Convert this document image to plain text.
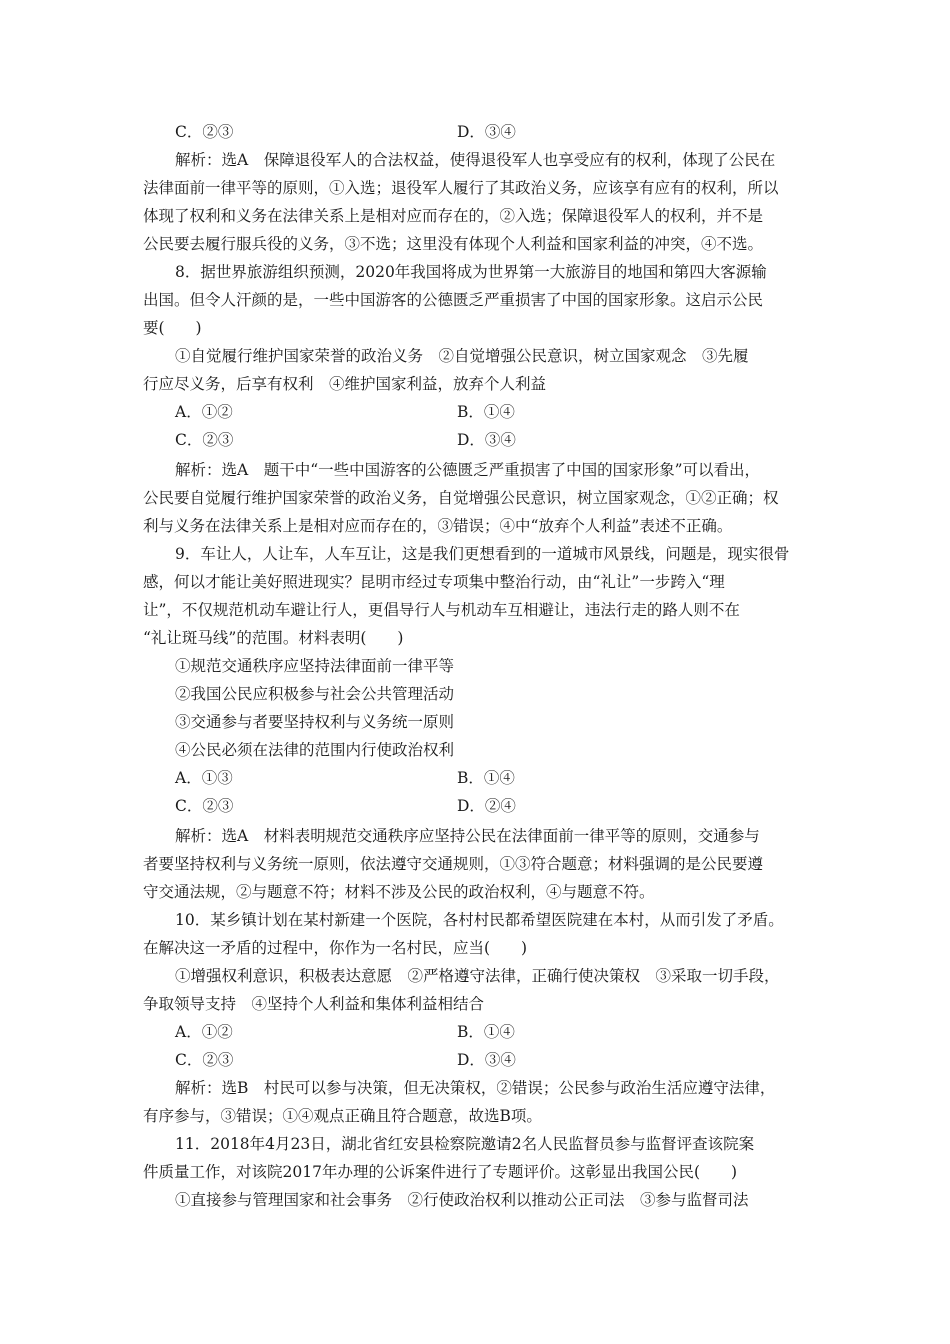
C．②③	D．③④
解析：选A　保障退役军人的合法权益，使得退役军人也享受应有的权利，体现了公民在
法律面前一律平等的原则，①入选；退役军人履行了其政治义务，应该享有应有的权利，所以
体现了权利和义务在法律关系上是相对应而存在的，②入选；保障退役军人的权利，并不是
公民要去履行服兵役的义务，③不选；这里没有体现个人利益和国家利益的冲突，④不选。
8．据世界旅游组织预测，2020年我国将成为世界第一大旅游目的地国和第四大客源输
出国。但令人汗颜的是，一些中国游客的公德匮乏严重损害了中国的国家形象。这启示公民
要(　　)
①自觉履行维护国家荣誉的政治义务　②自觉增强公民意识，树立国家观念　③先履
行应尽义务，后享有权利　④维护国家利益，放弃个人利益
A．①②	B．①④
C．②③	D．③④
解析：选A　题干中“一些中国游客的公德匮乏严重损害了中国的国家形象”可以看出，
公民要自觉履行维护国家荣誉的政治义务，自觉增强公民意识，树立国家观念，①②正确；权
利与义务在法律关系上是相对应而存在的，③错误；④中“放弃个人利益”表述不正确。
9．车让人，人让车，人车互让，这是我们更想看到的一道城市风景线，问题是，现实很骨
感，何以才能让美好照进现实？昆明市经过专项集中整治行动，由“礼让”一步跨入“理
让”，不仅规范机动车避让行人，更倡导行人与机动车互相避让，违法行走的路人则不在
“礼让斑马线”的范围。材料表明(　　)
①规范交通秩序应坚持法律面前一律平等
②我国公民应积极参与社会公共管理活动
③交通参与者要坚持权利与义务统一原则
④公民必须在法律的范围内行使政治权利
A．①③	B．①④
C．②③	D．②④
解析：选A　材料表明规范交通秩序应坚持公民在法律面前一律平等的原则，交通参与
者要坚持权利与义务统一原则，依法遵守交通规则，①③符合题意；材料强调的是公民要遵
守交通法规，②与题意不符；材料不涉及公民的政治权利，④与题意不符。
10．某乡镇计划在某村新建一个医院，各村村民都希望医院建在本村，从而引发了矛盾。
在解决这一矛盾的过程中，你作为一名村民，应当(　　)
①增强权利意识，积极表达意愿　②严格遵守法律，正确行使决策权　③采取一切手段，
争取领导支持　④坚持个人利益和集体利益相结合
A．①②	B．①④
C．②③	D．③④
解析：选B　村民可以参与决策，但无决策权，②错误；公民参与政治生活应遵守法律，
有序参与，③错误；①④观点正确且符合题意，故选B项。
11．2018年4月23日，湖北省红安县检察院邀请2名人民监督员参与监督评查该院案
件质量工作，对该院2017年办理的公诉案件进行了专题评价。这彰显出我国公民(　　)
①直接参与管理国家和社会事务　②行使政治权利以推动公正司法　③参与监督司法
